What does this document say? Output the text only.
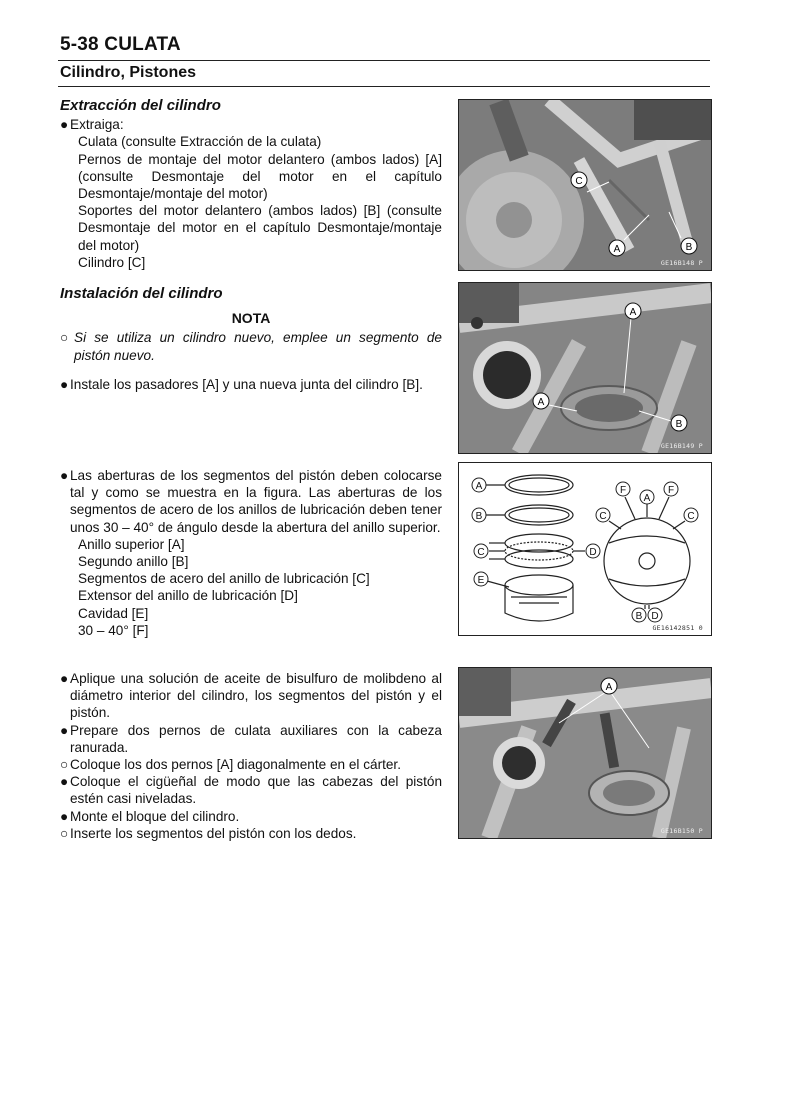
5-38 CULATA
Cilindro, Pistones
Extracción del cilindro
● Extraiga:
Culata (consulte Extracción de la culata)
Pernos de montaje del motor delantero (ambos lados) [A] (consulte Desmontaje del motor en el capítulo Desmontaje/montaje del motor)
Soportes del motor delantero (ambos lados) [B] (consulte Desmontaje del motor en el capítulo Desmontaje/montaje del motor)
Cilindro [C]
Instalación del cilindro
NOTA
○ Si se utiliza un cilindro nuevo, emplee un segmento de pistón nuevo.
● Instale los pasadores [A] y una nueva junta del cilindro [B].
● Las aberturas de los segmentos del pistón deben colocarse tal y como se muestra en la figura. Las aberturas de los segmentos de acero de los anillos de lubricación deben tener unos 30 – 40° de ángulo desde la abertura del anillo superior.
Anillo superior [A]
Segundo anillo [B]
Segmentos de acero del anillo de lubricación [C]
Extensor del anillo de lubricación [D]
Cavidad [E]
30 – 40° [F]
● Aplique una solución de aceite de bisulfuro de molibdeno al diámetro interior del cilindro, los segmentos del pistón y el pistón.
● Prepare dos pernos de culata auxiliares con la cabeza ranurada.
○ Coloque los dos pernos [A] diagonalmente en el cárter.
● Coloque el cigüeñal de modo que las cabezas del pistón estén casi niveladas.
● Monte el bloque del cilindro.
○ Inserte los segmentos del pistón con los dedos.
C
A	B
GE16B148 P
A
A
B
GE16B149 P
A
B
C	D
E
F	F
A
C	C
B D
GE16142851 0
A
GE16B150 P
